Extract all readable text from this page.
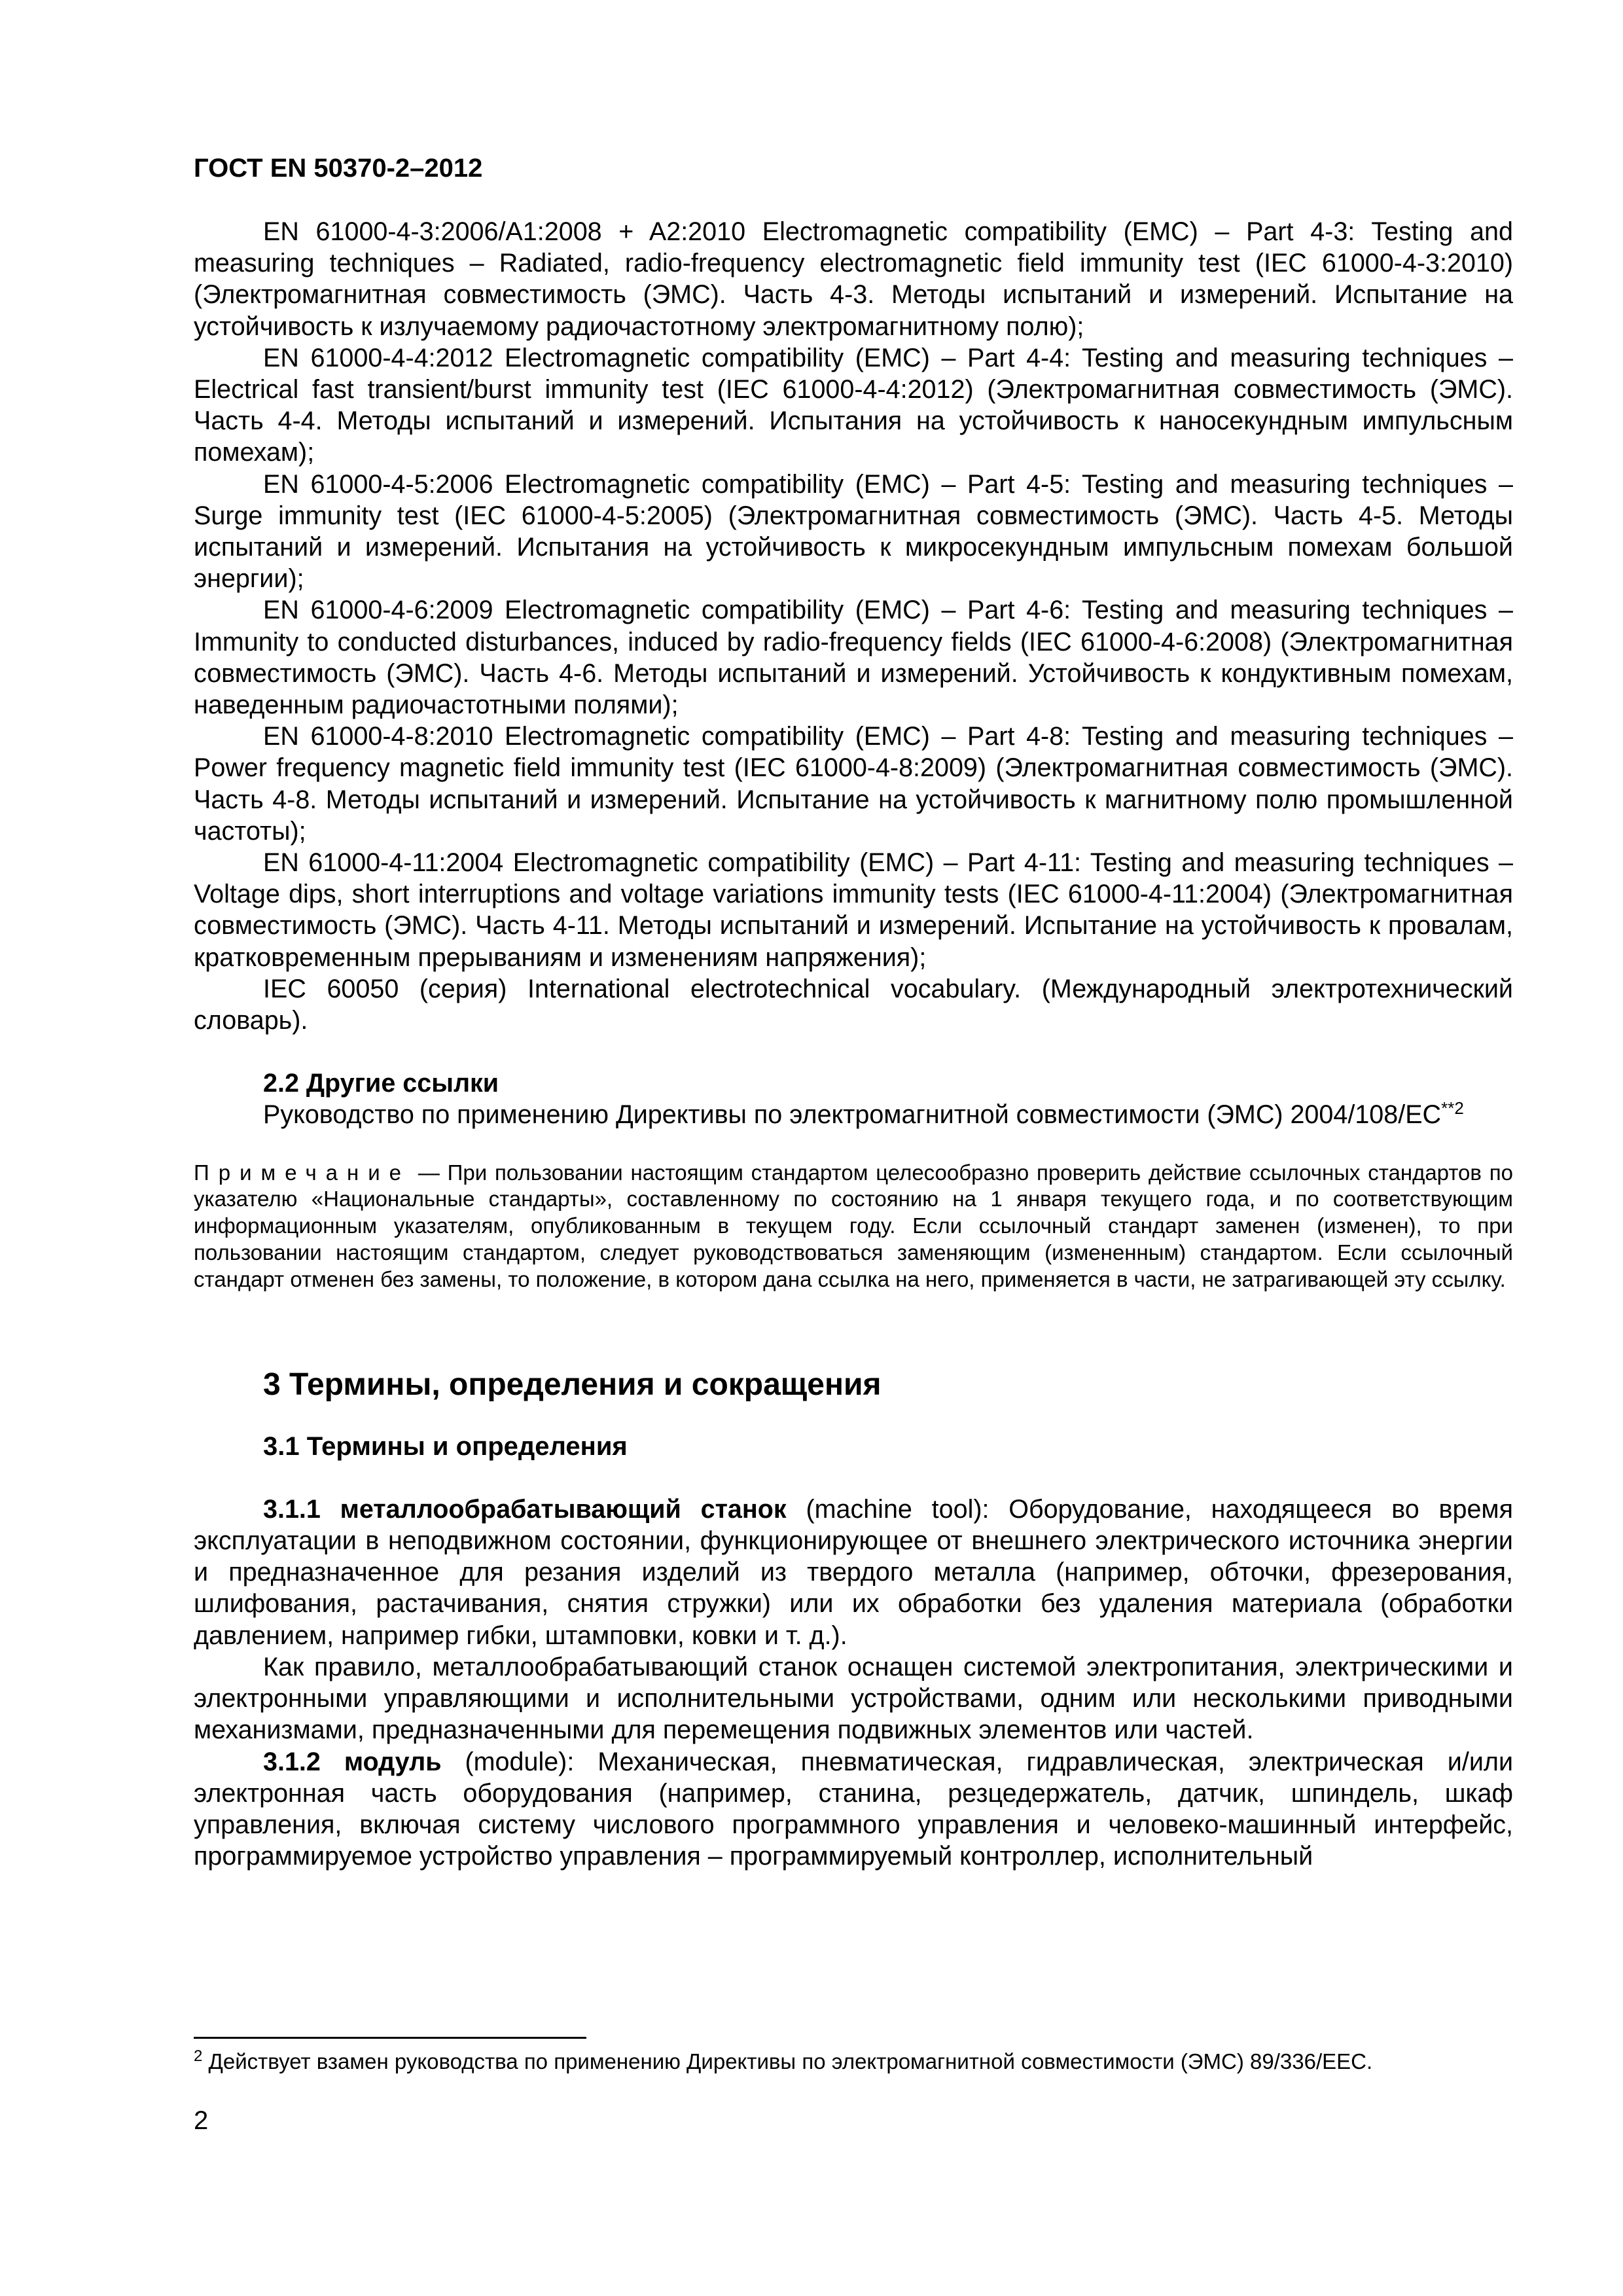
ГОСТ EN 50370-2–2012

EN 61000-4-3:2006/A1:2008 + A2:2010 Electromagnetic compatibility (EMC) – Part 4-3: Testing and measuring techniques – Radiated, radio-frequency electromagnetic field immunity test (IEC 61000-4-3:2010) (Электромагнитная совместимость (ЭМС). Часть 4-3. Методы испытаний и измерений. Испытание на устойчивость к излучаемому радиочастотному электромагнитному полю);

EN 61000-4-4:2012 Electromagnetic compatibility (EMC) – Part 4-4: Testing and measuring techniques – Electrical fast transient/burst immunity test (IEC 61000-4-4:2012) (Электромагнитная совместимость (ЭМС). Часть 4-4. Методы испытаний и измерений. Испытания на устойчивость к наносекундным импульсным помехам);

EN 61000-4-5:2006 Electromagnetic compatibility (EMC) – Part 4-5: Testing and measuring techniques – Surge immunity test (IEC 61000-4-5:2005) (Электромагнитная совместимость (ЭМС). Часть 4-5. Методы испытаний и измерений. Испытания на устойчивость к микросекундным импульсным помехам большой энергии);

EN 61000-4-6:2009 Electromagnetic compatibility (EMC) – Part 4-6: Testing and measuring techniques – Immunity to conducted disturbances, induced by radio-frequency fields (IEC 61000-4-6:2008) (Электромагнитная совместимость (ЭМС). Часть 4-6. Методы испытаний и измерений. Устойчивость к кондуктивным помехам, наведенным радиочастотными полями);

EN 61000-4-8:2010 Electromagnetic compatibility (EMC) – Part 4-8: Testing and measuring techniques – Power frequency magnetic field immunity test (IEC 61000-4-8:2009) (Электромагнитная совместимость (ЭМС). Часть 4-8. Методы испытаний и измерений. Испытание на устойчивость к магнитному полю промышленной частоты);

EN 61000-4-11:2004 Electromagnetic compatibility (EMC) – Part 4-11: Testing and measuring techniques – Voltage dips, short interruptions and voltage variations immunity tests (IEC 61000-4-11:2004) (Электромагнитная совместимость (ЭМС). Часть 4-11. Методы испытаний и измерений. Испытание на устойчивость к провалам, кратковременным прерываниям и изменениям напряжения);

IEC 60050 (серия) International electrotechnical vocabulary. (Международный электротехнический словарь).

2.2 Другие ссылки

Руководство по применению Директивы по электромагнитной совместимости (ЭМС) 2004/108/ЕС$^{**2}$

Примечание — При пользовании настоящим стандартом целесообразно проверить действие ссылочных стандартов по указателю «Национальные стандарты», составленному по состоянию на 1 января текущего года, и по соответствующим информационным указателям, опубликованным в текущем году. Если ссылочный стандарт заменен (изменен), то при пользовании настоящим стандартом, следует руководствоваться заменяющим (измененным) стандартом. Если ссылочный стандарт отменен без замены, то положение, в котором дана ссылка на него, применяется в части, не затрагивающей эту ссылку.

3 Термины, определения и сокращения

3.1 Термины и определения

3.1.1 металлообрабатывающий станок (machine tool): Оборудование, находящееся во время эксплуатации в неподвижном состоянии, функционирующее от внешнего электрического источника энергии и предназначенное для резания изделий из твердого металла (например, обточки, фрезерования, шлифования, растачивания, снятия стружки) или их обработки без удаления материала (обработки давлением, например гибки, штамповки, ковки и т. д.).

Как правило, металлообрабатывающий станок оснащен системой электропитания, электрическими и электронными управляющими и исполнительными устройствами, одним или несколькими приводными механизмами, предназначенными для перемещения подвижных элементов или частей.

3.1.2 модуль (module): Механическая, пневматическая, гидравлическая, электрическая и/или электронная часть оборудования (например, станина, резцедержатель, датчик, шпиндель, шкаф управления, включая систему числового программного управления и человеко-машинный интерфейс, программируемое устройство управления – программируемый контроллер, исполнительный

$^2$ Действует взамен руководства по применению Директивы по электромагнитной совместимости (ЭМС) 89/336/ЕЕС.
2
